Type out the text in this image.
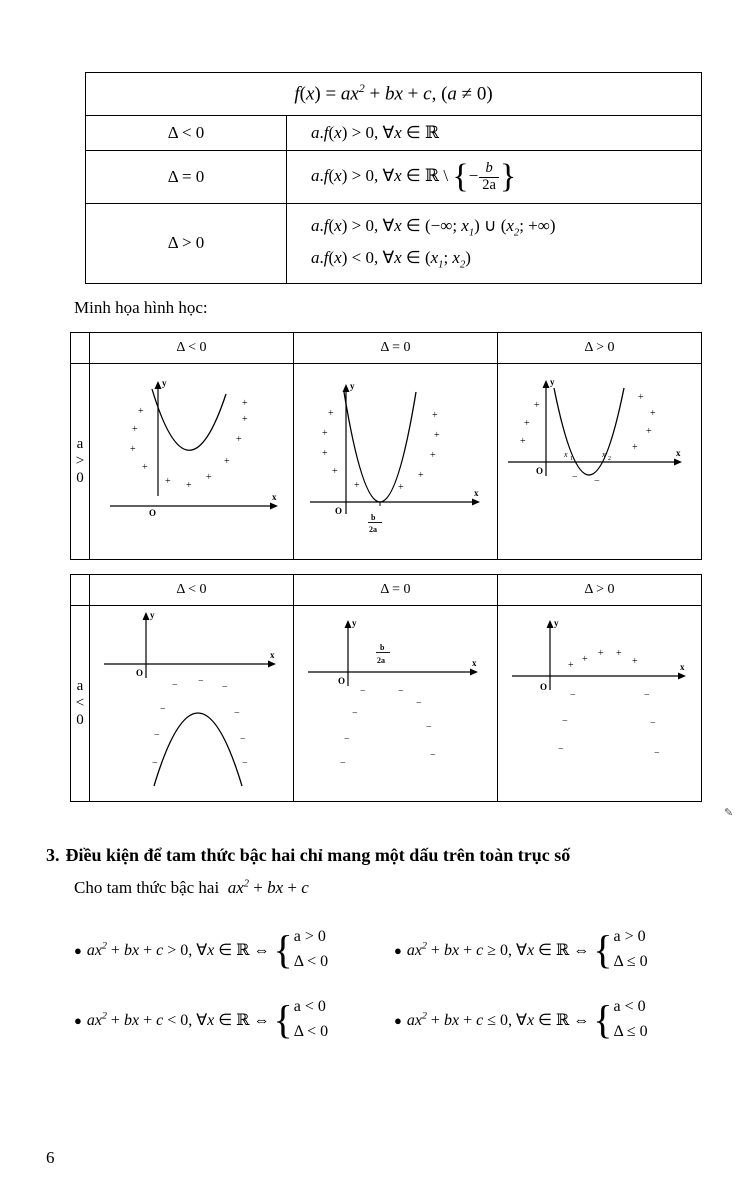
$f(x) = ax^2$ + bx + c, (a ≠ 0)	
Δ < 0	a.f(x) > 0, ∀x ∈ ℝ
Δ = 0	a.f(x) > 0, ∀x ∈ ℝ \ {− $\frac{b}{2a}$ }
Δ > 0	a.f(x) > 0, ∀x ∈ (−∞; $x_1$) ∪ ($x_2$; +∞)
a.f(x) < 0, ∀x ∈ ($x_1$; $x_2$)
Minh họa hình học:
	Δ < 0	Δ = 0	Δ > 0
a > 0	
y
x
O
+
+
+
+
+ +
+
+
+
+
+

y
x
O
b
2a
+
+
+
+
+	+
+
+
+
+

y
x
O
x 1	x 2
+
+
+
− −
+
+
+
+
	Δ < 0	Δ = 0	Δ > 0
a < 0	
y
x
O
− −
−
−	−
−	−
−
−

y
x
O
b
2a
−	−
−
−
−
−
−
−

y
x
O
+
+ +
+
+
−	−
−	−
−	−
✎
3. Điều kiện để tam thức bậc hai chỉ mang một dấu trên toàn trục số
Cho tam thức bậc hai $ax^2$ + bx + c
● $ax^2$ + bx + c > 0, ∀x ∈ ℝ ⇔ { a > 0
Δ < 0
● $ax^2$ + bx + c ≥ 0, ∀x ∈ ℝ ⇔ { a > 0
Δ ≤ 0
● $ax^2$ + bx + c < 0, ∀x ∈ ℝ ⇔ { a < 0
Δ < 0
● $ax^2$ + bx + c ≤ 0, ∀x ∈ ℝ ⇔ { a < 0
Δ ≤ 0
6
